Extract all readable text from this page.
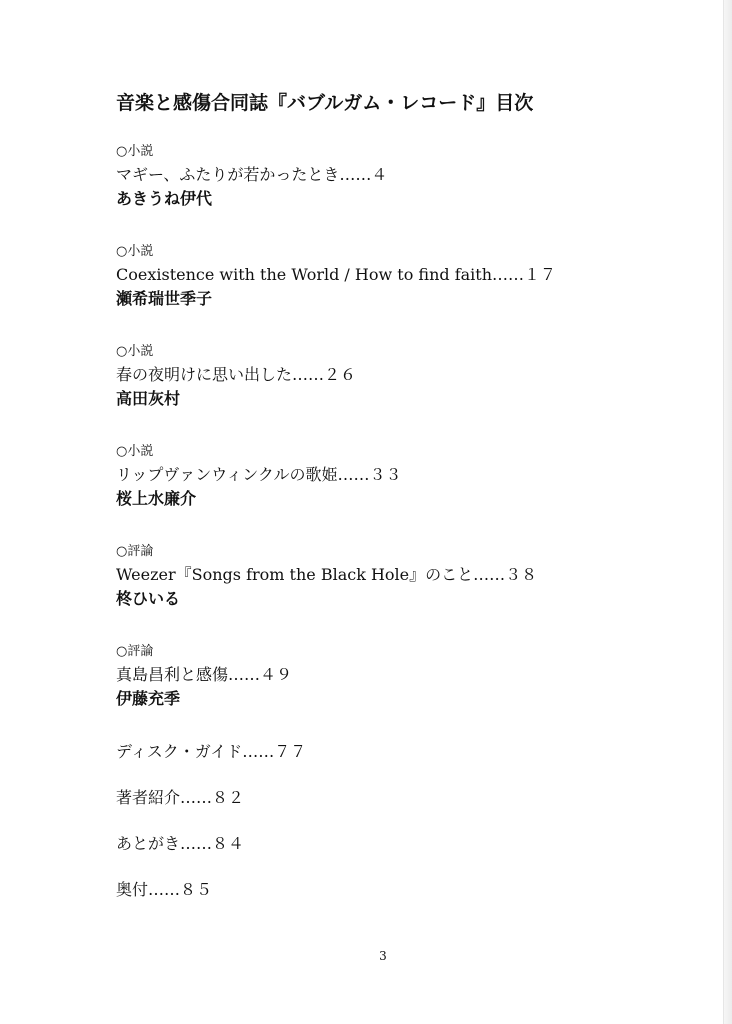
音楽と感傷合同誌『バブルガム・レコード』目次
○小説
マギー、ふたりが若かったとき……４
あきうね伊代
○小説
Coexistence with the World / How to find faith……１７
瀬希瑞世季子
○小説
春の夜明けに思い出した……２６
高田灰村
○小説
リップヴァンウィンクルの歌姫……３３
桜上水廉介
○評論
Weezer『Songs from the Black Hole』のこと……３８
柊ひいる
○評論
真島昌利と感傷……４９
伊藤充季
ディスク・ガイド……７７
著者紹介……８２
あとがき……８４
奥付……８５
3
